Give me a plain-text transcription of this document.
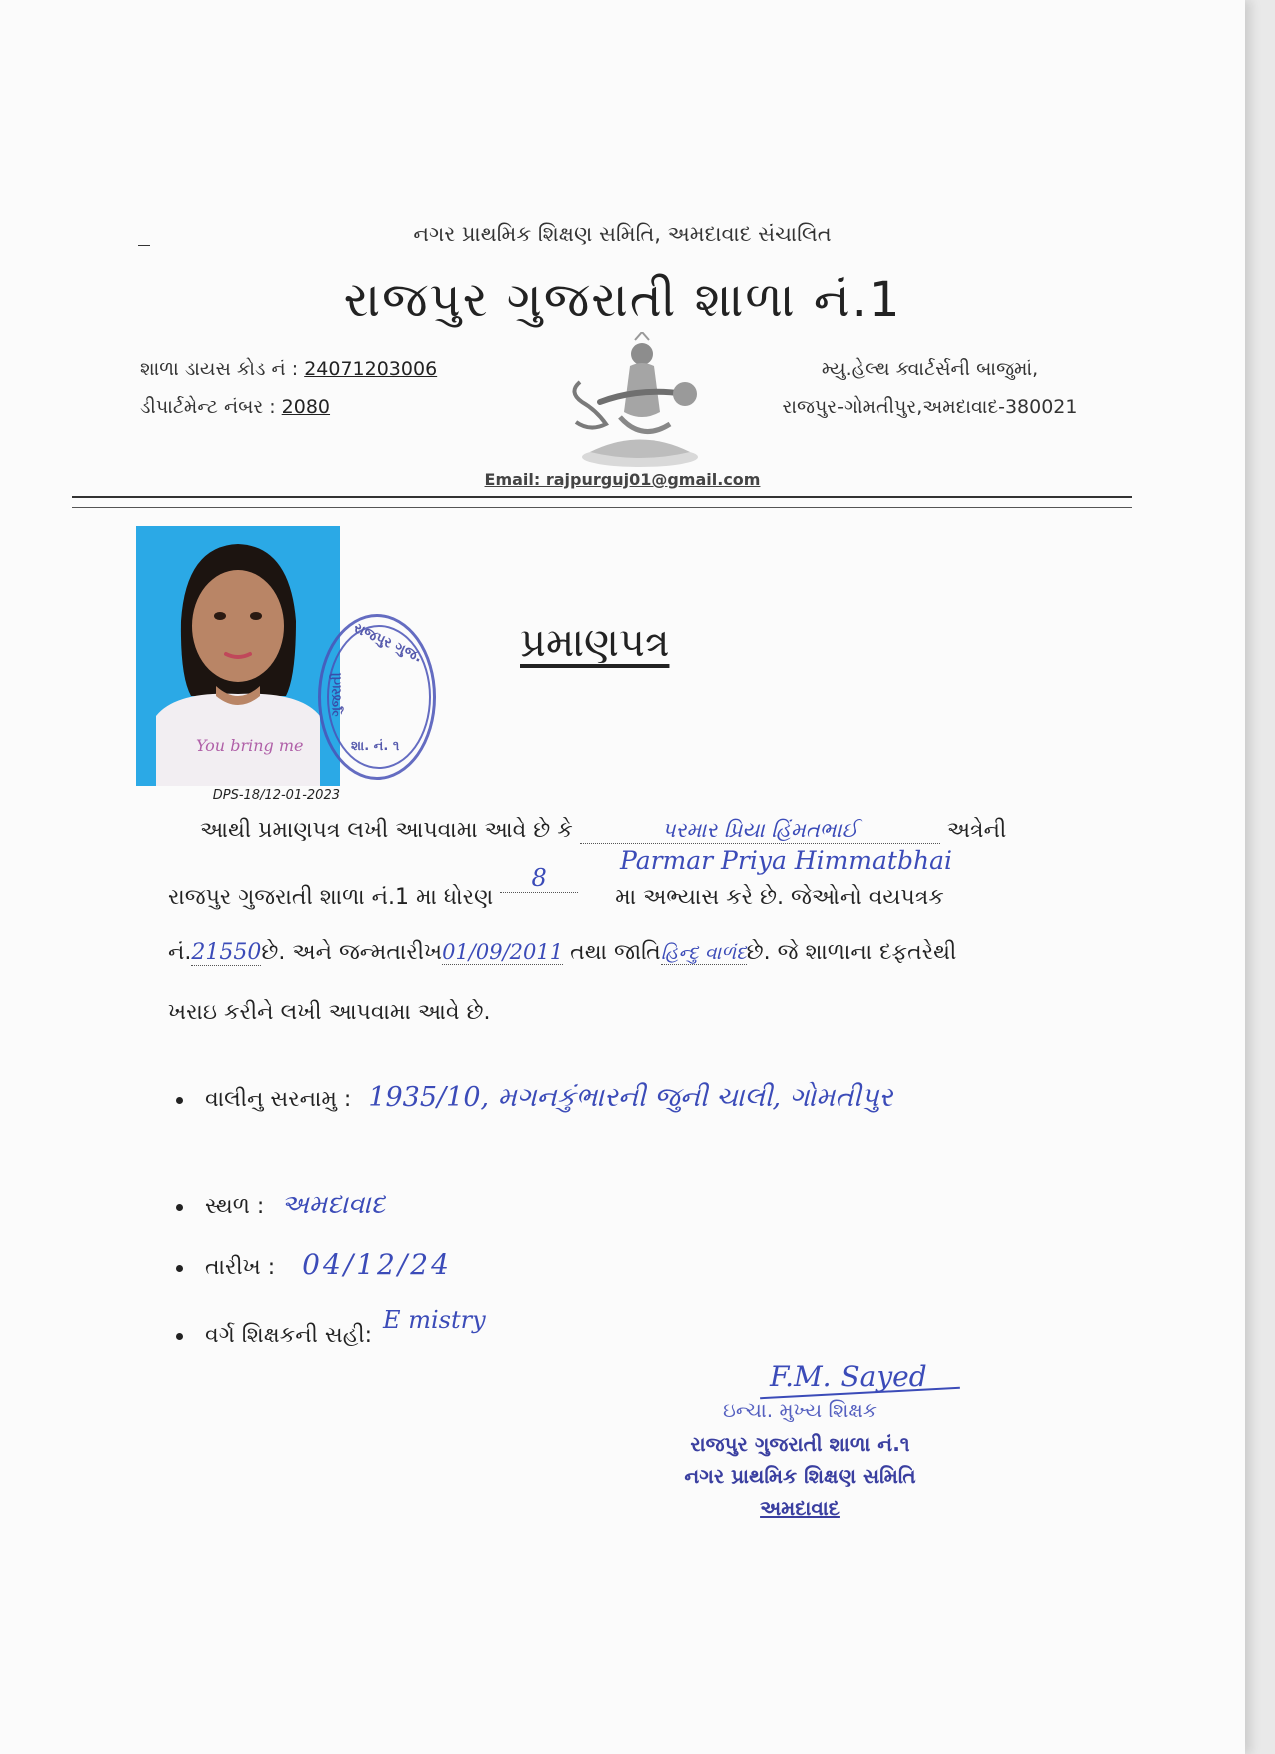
નગર પ્રાથમિક શિક્ષણ સમિતિ, અમદાવાદ સંચાલિત
રાજપુર ગુજરાતી શાળા નં.1
શાળા ડાયસ કોડ નં : 24071203006
ડીપાર્ટમેન્ટ નંબર : 2080
મ્યુ.હેલ્થ ક્વાર્ટર્સની બાજુમાં,
રાજપુર-ગોમતીપુર,અમદાવાદ-380021
Email: rajpurguj01@gmail.com
You bring me
DPS-18/12-01-2023
રાજપુર ગુજ.
ગુજરાતી
શા. નં. ૧
પ્રમાણપત્ર
આથી પ્રમાણપત્ર લખી આપવામા આવે છે કે	પરમાર પ્રિયા હિંમતભાઈ	અત્રેની
Parmar Priya Himmatbhai
રાજપુર ગુજરાતી શાળા નં.1 મા ધોરણ 8 મા અભ્યાસ કરે છે. જેઓનો વયપત્રક
નં.21550છે. અને જન્મતારીખ01/09/2011 તથા જાતિહિન્દુ વાળંદછે. જે શાળાના દફતરેથી
ખરાઇ કરીને લખી આપવામા આવે છે.
વાલીનુ સરનામુ : 1935/10, મગનકુંભારની જુની ચાલી, ગોમતીપુર
સ્થળ : અમદાવાદ
તારીખ : 04/12/24
વર્ગ શિક્ષકની સહી: E mistry
F.M. Sayed
ઇન્ચા. મુખ્ય શિક્ષક
રાજપુર ગુજરાતી શાળા નં.૧
નગર પ્રાથમિક શિક્ષણ સમિતિ
અમદાવાદ
